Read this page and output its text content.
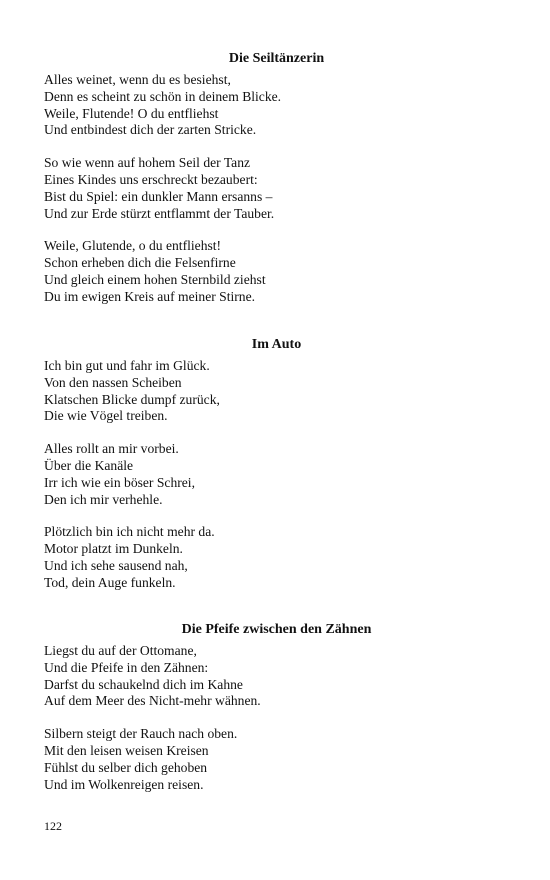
Die Seiltänzerin
Alles weinet, wenn du es besiehst,
Denn es scheint zu schön in deinem Blicke.
Weile, Flutende! O du entfliehst
Und entbindest dich der zarten Stricke.
So wie wenn auf hohem Seil der Tanz
Eines Kindes uns erschreckt bezaubert:
Bist du Spiel: ein dunkler Mann ersanns –
Und zur Erde stürzt entflammt der Tauber.
Weile, Glutende, o du entfliehst!
Schon erheben dich die Felsenfirne
Und gleich einem hohen Sternbild ziehst
Du im ewigen Kreis auf meiner Stirne.
Im Auto
Ich bin gut und fahr im Glück.
Von den nassen Scheiben
Klatschen Blicke dumpf zurück,
Die wie Vögel treiben.
Alles rollt an mir vorbei.
Über die Kanäle
Irr ich wie ein böser Schrei,
Den ich mir verhehle.
Plötzlich bin ich nicht mehr da.
Motor platzt im Dunkeln.
Und ich sehe sausend nah,
Tod, dein Auge funkeln.
Die Pfeife zwischen den Zähnen
Liegst du auf der Ottomane,
Und die Pfeife in den Zähnen:
Darfst du schaukelnd dich im Kahne
Auf dem Meer des Nicht-mehr wähnen.
Silbern steigt der Rauch nach oben.
Mit den leisen weisen Kreisen
Fühlst du selber dich gehoben
Und im Wolkenreigen reisen.
122
